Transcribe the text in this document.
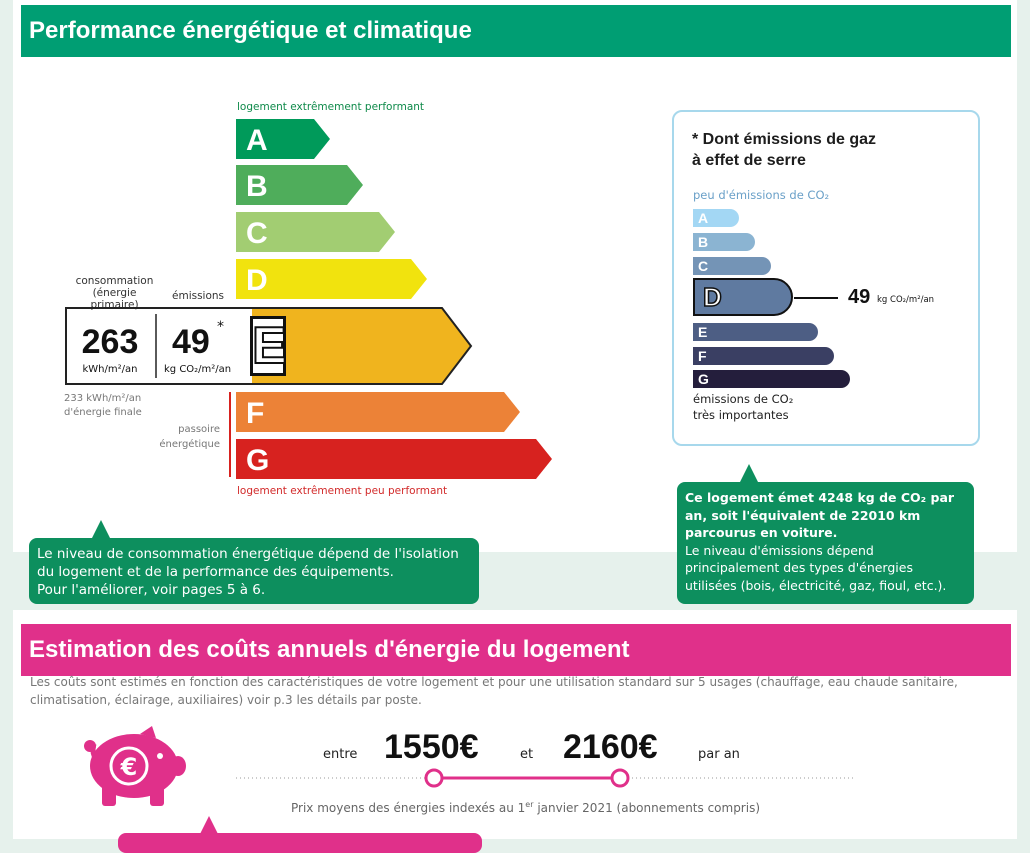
Performance énergétique et climatique
logement extrêmement performant
A
B
C
D
F
G
logement extrêmement peu performant
consommation
(énergie primaire)
émissions
263
kWh/m²/an
49 *
kg CO₂/m²/an E
233 kWh/m²/an
d'énergie finale
passoire
énergétique
Le niveau de consommation énergétique dépend de l'isolation du logement et de la performance des équipements.
Pour l'améliorer, voir pages 5 à 6.
* Dont émissions de gaz
à effet de serre
peu d'émissions de CO₂
A
B
C
D
E
F
G
émissions de CO₂
très importantes
49 kg CO₂/m²/an
Ce logement émet 4248 kg de CO₂ par an, soit l'équivalent de 22010 km parcourus en voiture.
Le niveau d'émissions dépend principalement des types d'énergies utilisées (bois, électricité, gaz, fioul, etc.).
Estimation des coûts annuels d'énergie du logement
Les coûts sont estimés en fonction des caractéristiques de votre logement et pour une utilisation standard sur 5 usages (chauffage, eau chaude sanitaire, climatisation, éclairage, auxiliaires) voir p.3 les détails par poste.
€	entre 1550€	et 2160€	par an
Prix moyens des énergies indexés au 1er janvier 2021 (abonnements compris)
